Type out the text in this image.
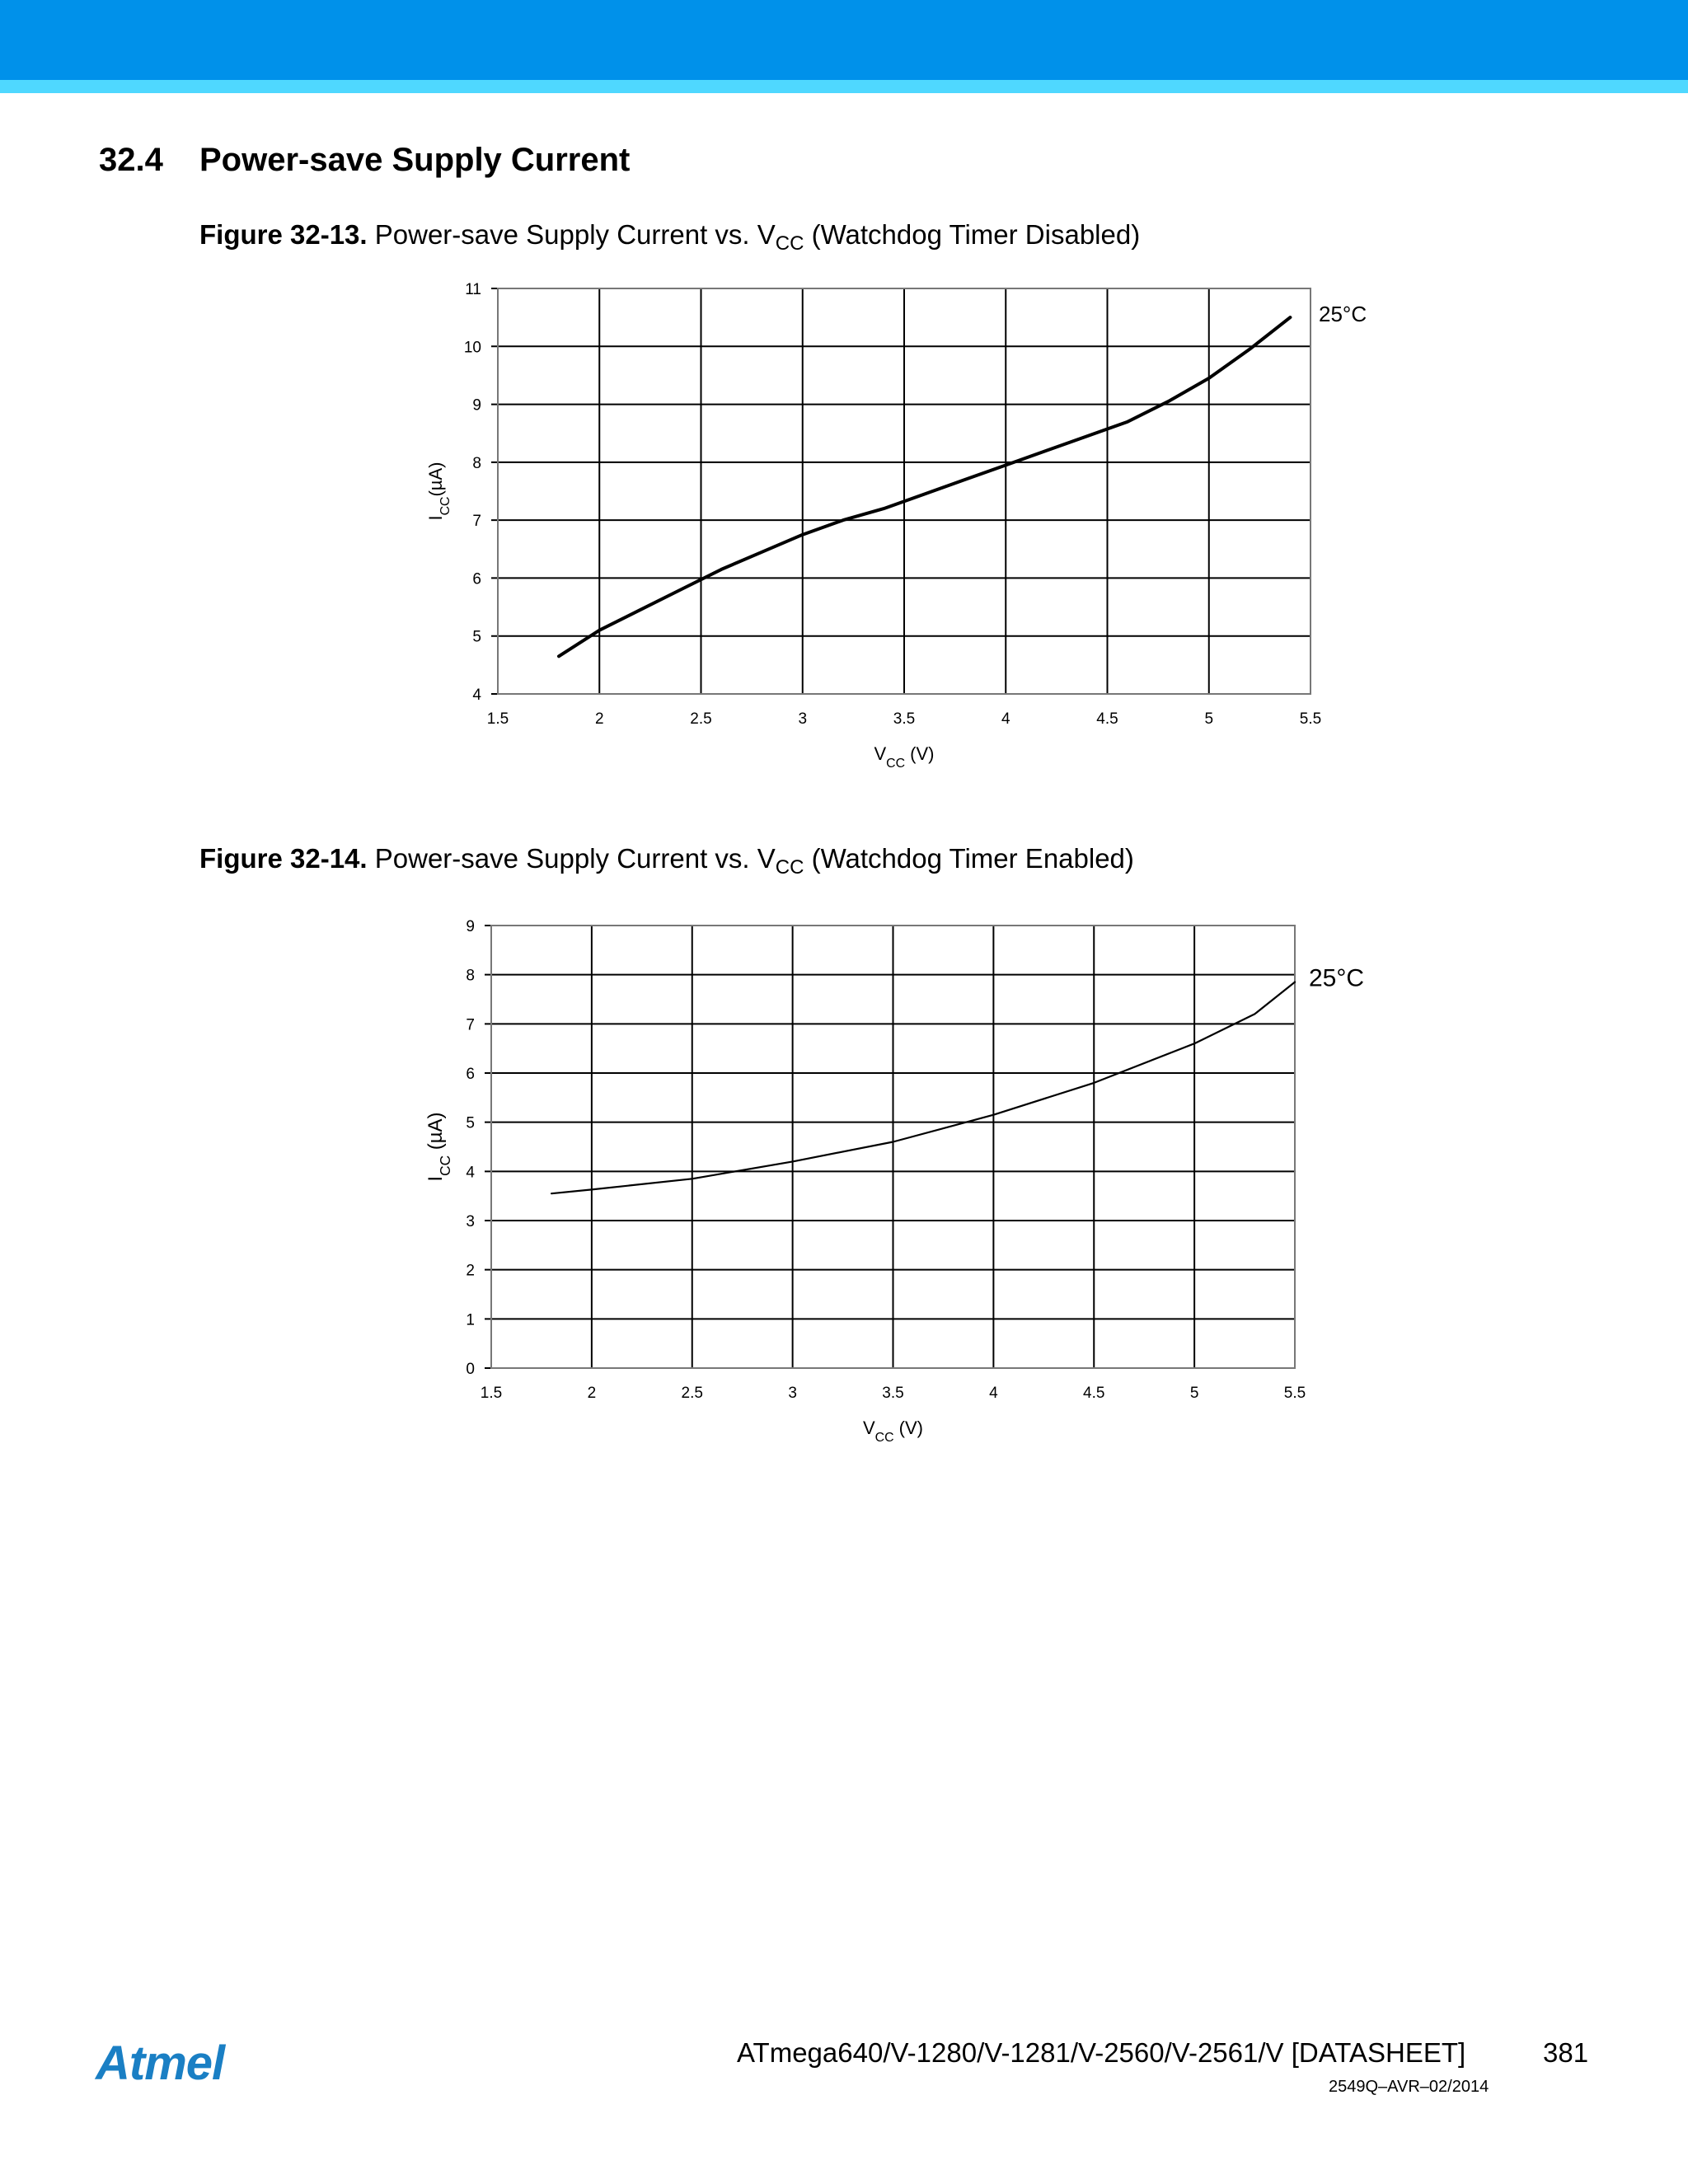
32.4 Power-save Supply Current
Figure 32-13. Power-save Supply Current vs. $V_{CC}$ (Watchdog Timer Disabled)
1.5	2	2.5	3	3.5	4	4.5	5	5.5
4
5
6
7
8
9
10
11
25°C
$V_{CC}$ (V)
$I_{CC}(\mu A)$
Figure 32-14. Power-save Supply Current vs. $V_{CC}$ (Watchdog Timer Enabled)
1.5	2	2.5	3	3.5	4	4.5	5	5.5
0
1
2
3
4
5
6
7
8
9
25°C
$V_{CC}$ (V)
$I_{CC}$ (µA)
Atmel	ATmega640/V-1280/V-1281/V-2560/V-2561/V [DATASHEET]	381
2549Q–AVR–02/2014
